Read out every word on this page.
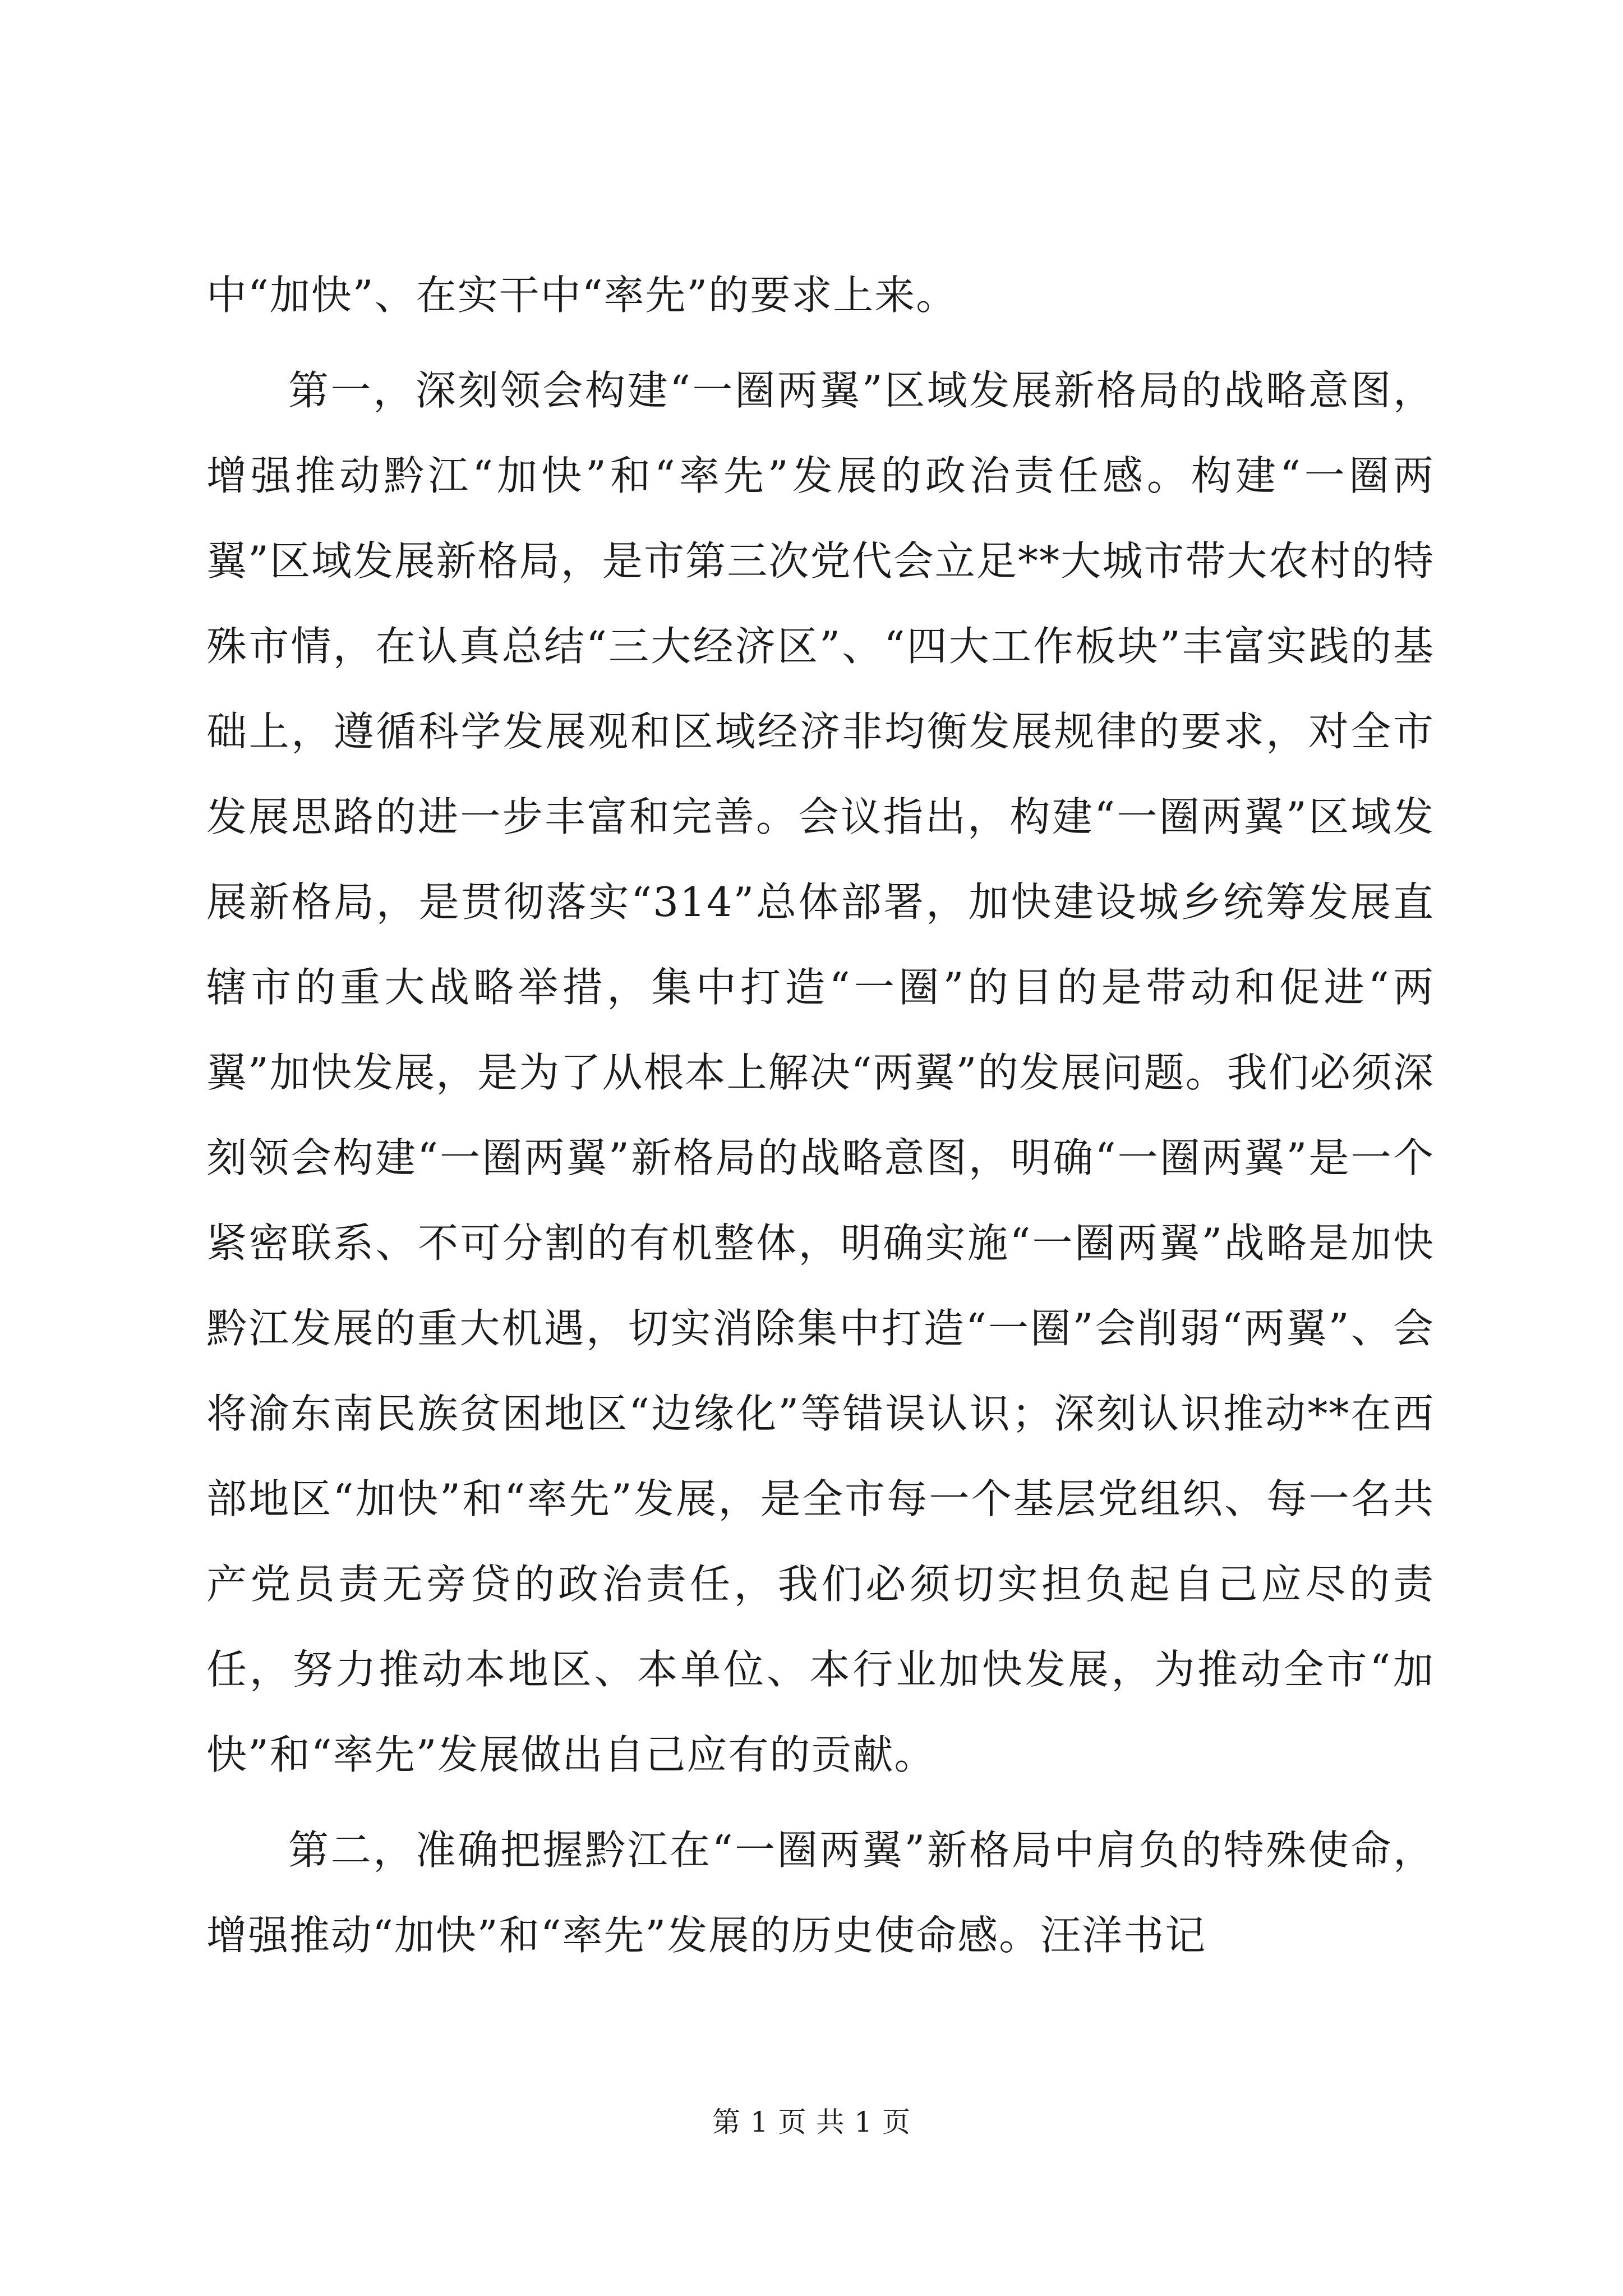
中“加快”、在实干中“率先”的要求上来。

第一，深刻领会构建“一圈两翼”区域发展新格局的战略意图，增强推动黔江“加快”和“率先”发展的政治责任感。构建“一圈两翼”区域发展新格局，是市第三次党代会立足**大城市带大农村的特殊市情，在认真总结“三大经济区”、“四大工作板块”丰富实践的基础上，遵循科学发展观和区域经济非均衡发展规律的要求，对全市发展思路的进一步丰富和完善。会议指出，构建“一圈两翼”区域发展新格局，是贯彻落实“314”总体部署，加快建设城乡统筹发展直辖市的重大战略举措，集中打造“一圈”的目的是带动和促进“两翼”加快发展，是为了从根本上解决“两翼”的发展问题。我们必须深刻领会构建“一圈两翼”新格局的战略意图，明确“一圈两翼”是一个紧密联系、不可分割的有机整体，明确实施“一圈两翼”战略是加快黔江发展的重大机遇，切实消除集中打造“一圈”会削弱“两翼”、会将渝东南民族贫困地区“边缘化”等错误认识；深刻认识推动**在西部地区“加快”和“率先”发展，是全市每一个基层党组织、每一名共产党员责无旁贷的政治责任，我们必须切实担负起自己应尽的责任，努力推动本地区、本单位、本行业加快发展，为推动全市“加快”和“率先”发展做出自己应有的贡献。

第二，准确把握黔江在“一圈两翼”新格局中肩负的特殊使命，增强推动“加快”和“率先”发展的历史使命感。汪洋书记

第 1 页 共 1 页
